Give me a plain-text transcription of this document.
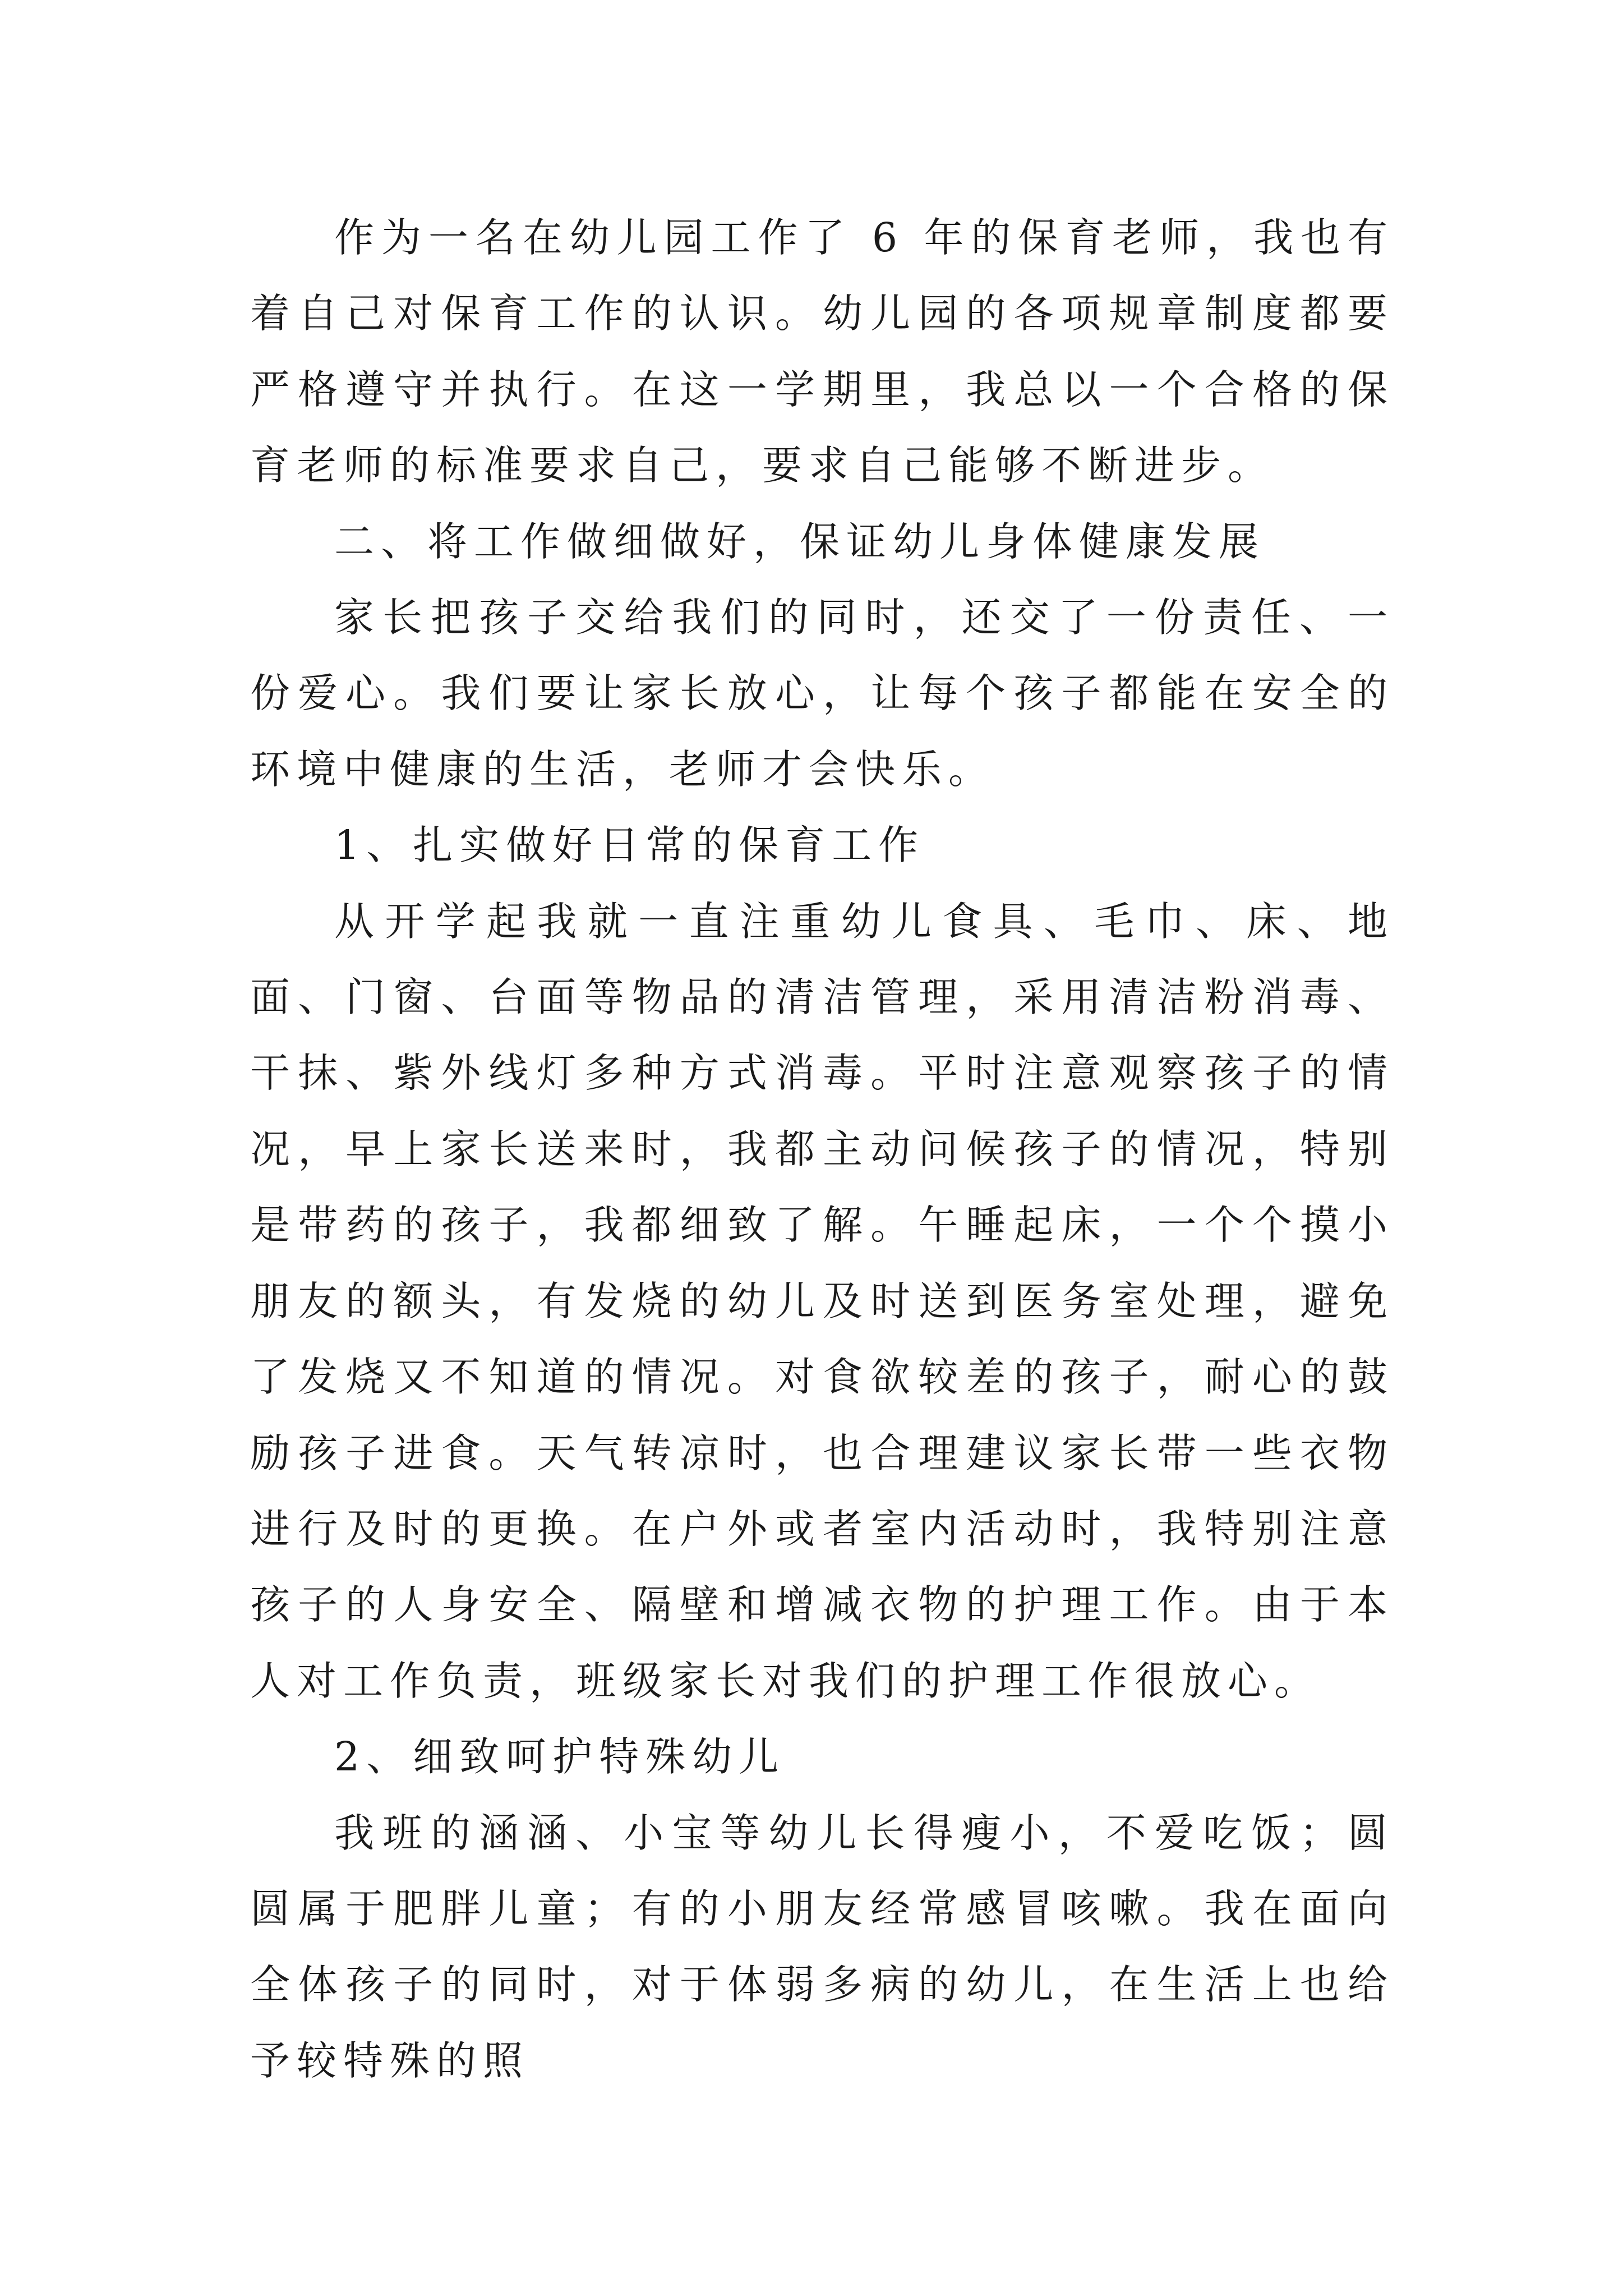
作为一名在幼儿园工作了 6 年的保育老师，我也有着自己对保育工作的认识。幼儿园的各项规章制度都要严格遵守并执行。在这一学期里，我总以一个合格的保育老师的标准要求自己，要求自己能够不断进步。

二、将工作做细做好，保证幼儿身体健康发展

家长把孩子交给我们的同时，还交了一份责任、一份爱心。我们要让家长放心，让每个孩子都能在安全的环境中健康的生活，老师才会快乐。

1、扎实做好日常的保育工作

从开学起我就一直注重幼儿食具、毛巾、床、地面、门窗、台面等物品的清洁管理，采用清洁粉消毒、干抹、紫外线灯多种方式消毒。平时注意观察孩子的情况，早上家长送来时，我都主动问候孩子的情况，特别是带药的孩子，我都细致了解。午睡起床，一个个摸小朋友的额头，有发烧的幼儿及时送到医务室处理，避免了发烧又不知道的情况。对食欲较差的孩子，耐心的鼓励孩子进食。天气转凉时，也合理建议家长带一些衣物进行及时的更换。在户外或者室内活动时，我特别注意孩子的人身安全、隔壁和增减衣物的护理工作。由于本人对工作负责，班级家长对我们的护理工作很放心。

2、细致呵护特殊幼儿

我班的涵涵、小宝等幼儿长得瘦小，不爱吃饭；圆圆属于肥胖儿童；有的小朋友经常感冒咳嗽。我在面向全体孩子的同时，对于体弱多病的幼儿，在生活上也给予较特殊的照
